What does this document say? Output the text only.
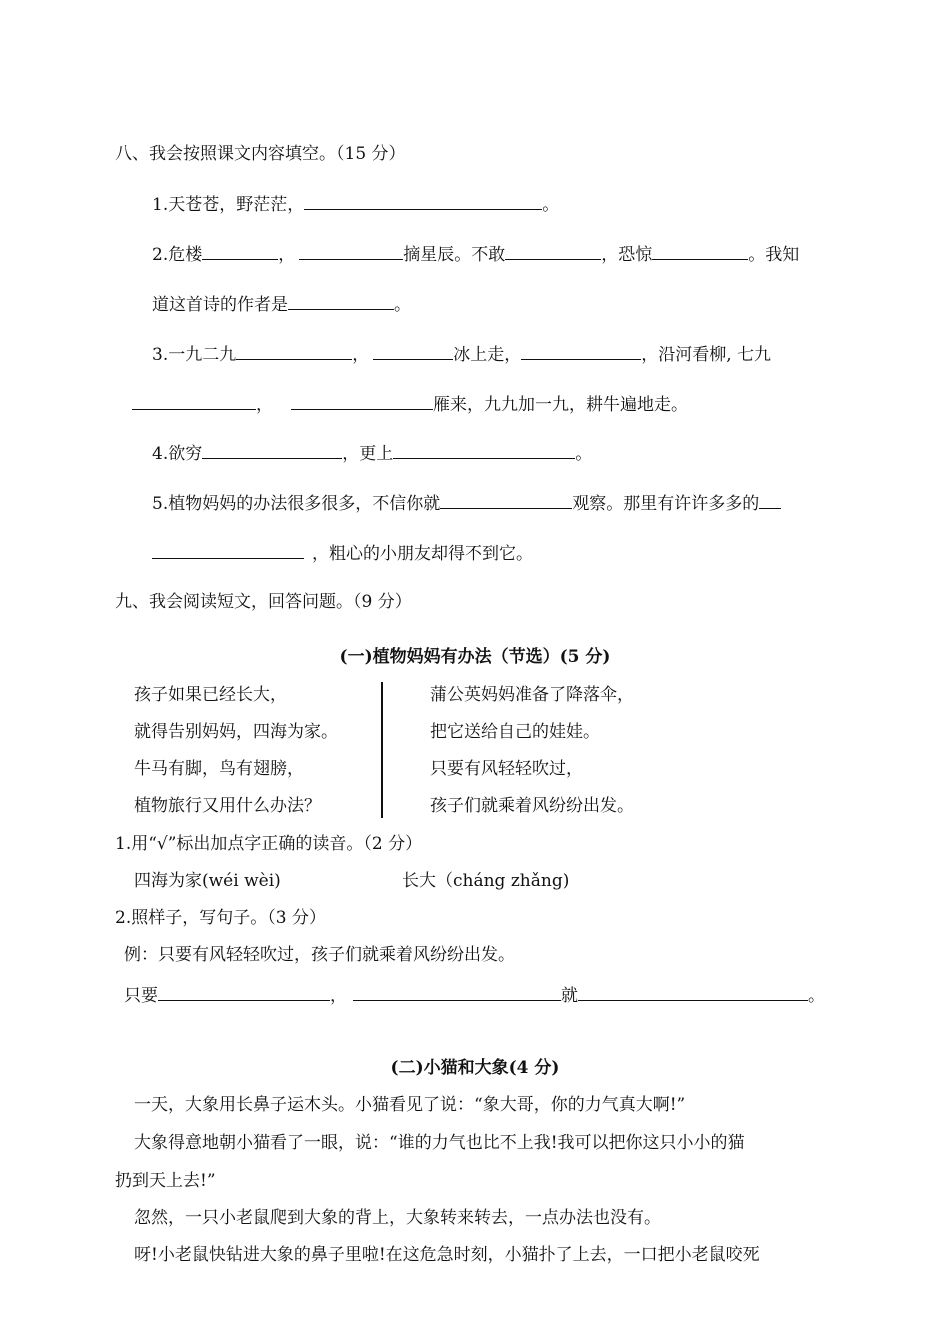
八、我会按照课文内容填空。（15 分）
1.天苍苍，野茫茫，	。
2.危楼	，	摘星辰。不敢	，恐惊	。我知
道这首诗的作者是	。
3.一九二九	，	冰上走，	，沿河看柳, 七九
，	雁来，九九加一九，耕牛遍地走。
4.欲穷	，更上	。
5.植物妈妈的办法很多很多，不信你就	观察。那里有许许多多的
，粗心的小朋友却得不到它。
九、我会阅读短文，回答问题。（9 分）
(一)植物妈妈有办法（节选）(5 分)
孩子如果已经长大，
就得告别妈妈，四海为家。
牛马有脚，鸟有翅膀，
植物旅行又用什么办法？
蒲公英妈妈准备了降落伞，
把它送给自己的娃娃。
只要有风轻轻吹过，
孩子们就乘着风纷纷出发。
1.用“√”标出加点字正确的读音。（2 分）
四海为家(wéi wèi)	长大（cháng zhǎng)
2.照样子，写句子。（3 分）
例：只要有风轻轻吹过，孩子们就乘着风纷纷出发。
只要	，	就	。
(二)小猫和大象(4 分)
一天，大象用长鼻子运木头。小猫看见了说：“象大哥，你的力气真大啊!”
大象得意地朝小猫看了一眼，说：“谁的力气也比不上我!我可以把你这只小小的猫
扔到天上去!”
忽然，一只小老鼠爬到大象的背上，大象转来转去，一点办法也没有。
呀!小老鼠快钻进大象的鼻子里啦!在这危急时刻，小猫扑了上去，一口把小老鼠咬死
